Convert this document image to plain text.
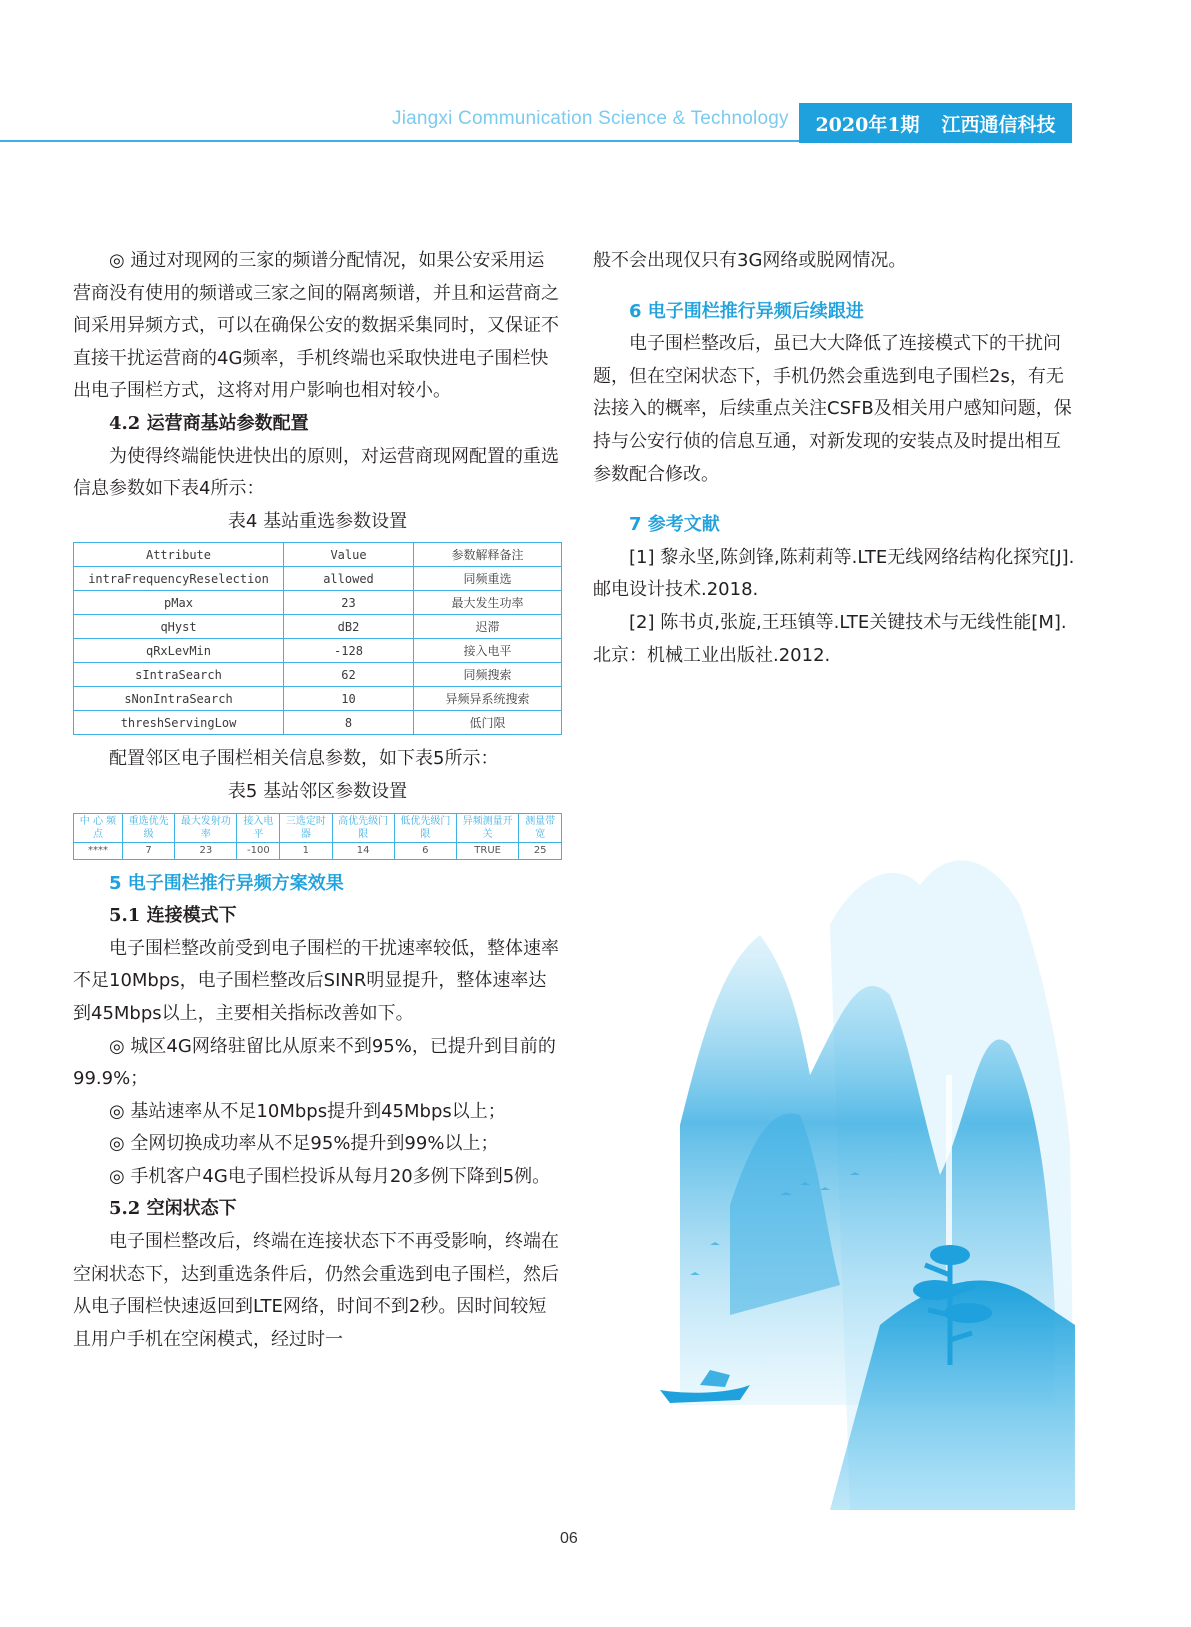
Jiangxi Communication Science & Technology 2020年1期 江西通信科技

◎ 通过对现网的三家的频谱分配情况，如果公安采用运营商没有使用的频谱或三家之间的隔离频谱，并且和运营商之间采用异频方式，可以在确保公安的数据采集同时，又保证不直接干扰运营商的4G频率，手机终端也采取快进电子围栏快出电子围栏方式，这将对用户影响也相对较小。

4.2 运营商基站参数配置

为使得终端能快进快出的原则，对运营商现网配置的重选信息参数如下表4所示：

表4 基站重选参数设置

Attribute	Value	参数解释备注
intraFrequencyReselection	allowed	同频重选
pMax	23	最大发生功率
qHyst	dB2	迟滞
qRxLevMin	-128	接入电平
sIntraSearch	62	同频搜索
sNonIntraSearch	10	异频异系统搜索
threshServingLow	8	低门限

配置邻区电子围栏相关信息参数，如下表5所示：

表5 基站邻区参数设置

中 心 频点	重选优先级	最大发射功率	接入电平	三选定时器	高优先级门限	低优先级门限	异频测量开关	测量带宽
****	7	23	-100	1	14	6	TRUE	25

5 电子围栏推行异频方案效果

5.1 连接模式下

电子围栏整改前受到电子围栏的干扰速率较低，整体速率不足10Mbps，电子围栏整改后SINR明显提升，整体速率达到45Mbps以上，主要相关指标改善如下。

◎ 城区4G网络驻留比从原来不到95%，已提升到目前的99.9%；

◎ 基站速率从不足10Mbps提升到45Mbps以上；

◎ 全网切换成功率从不足95%提升到99%以上；

◎ 手机客户4G电子围栏投诉从每月20多例下降到5例。

5.2 空闲状态下

电子围栏整改后，终端在连接状态下不再受影响，终端在空闲状态下，达到重选条件后，仍然会重选到电子围栏，然后从电子围栏快速返回到LTE网络，时间不到2秒。因时间较短且用户手机在空闲模式，经过时一

般不会出现仅只有3G网络或脱网情况。

6 电子围栏推行异频后续跟进

电子围栏整改后，虽已大大降低了连接模式下的干扰问题，但在空闲状态下，手机仍然会重选到电子围栏2s，有无法接入的概率，后续重点关注CSFB及相关用户感知问题，保持与公安行侦的信息互通，对新发现的安装点及时提出相互参数配合修改。

7 参考文献

[1] 黎永坚,陈剑锋,陈莉莉等.LTE无线网络结构化探究[J].邮电设计技术.2018.

[2] 陈书贞,张旋,王珏镇等.LTE关键技术与无线性能[M].北京：机械工业出版社.2012.

06
